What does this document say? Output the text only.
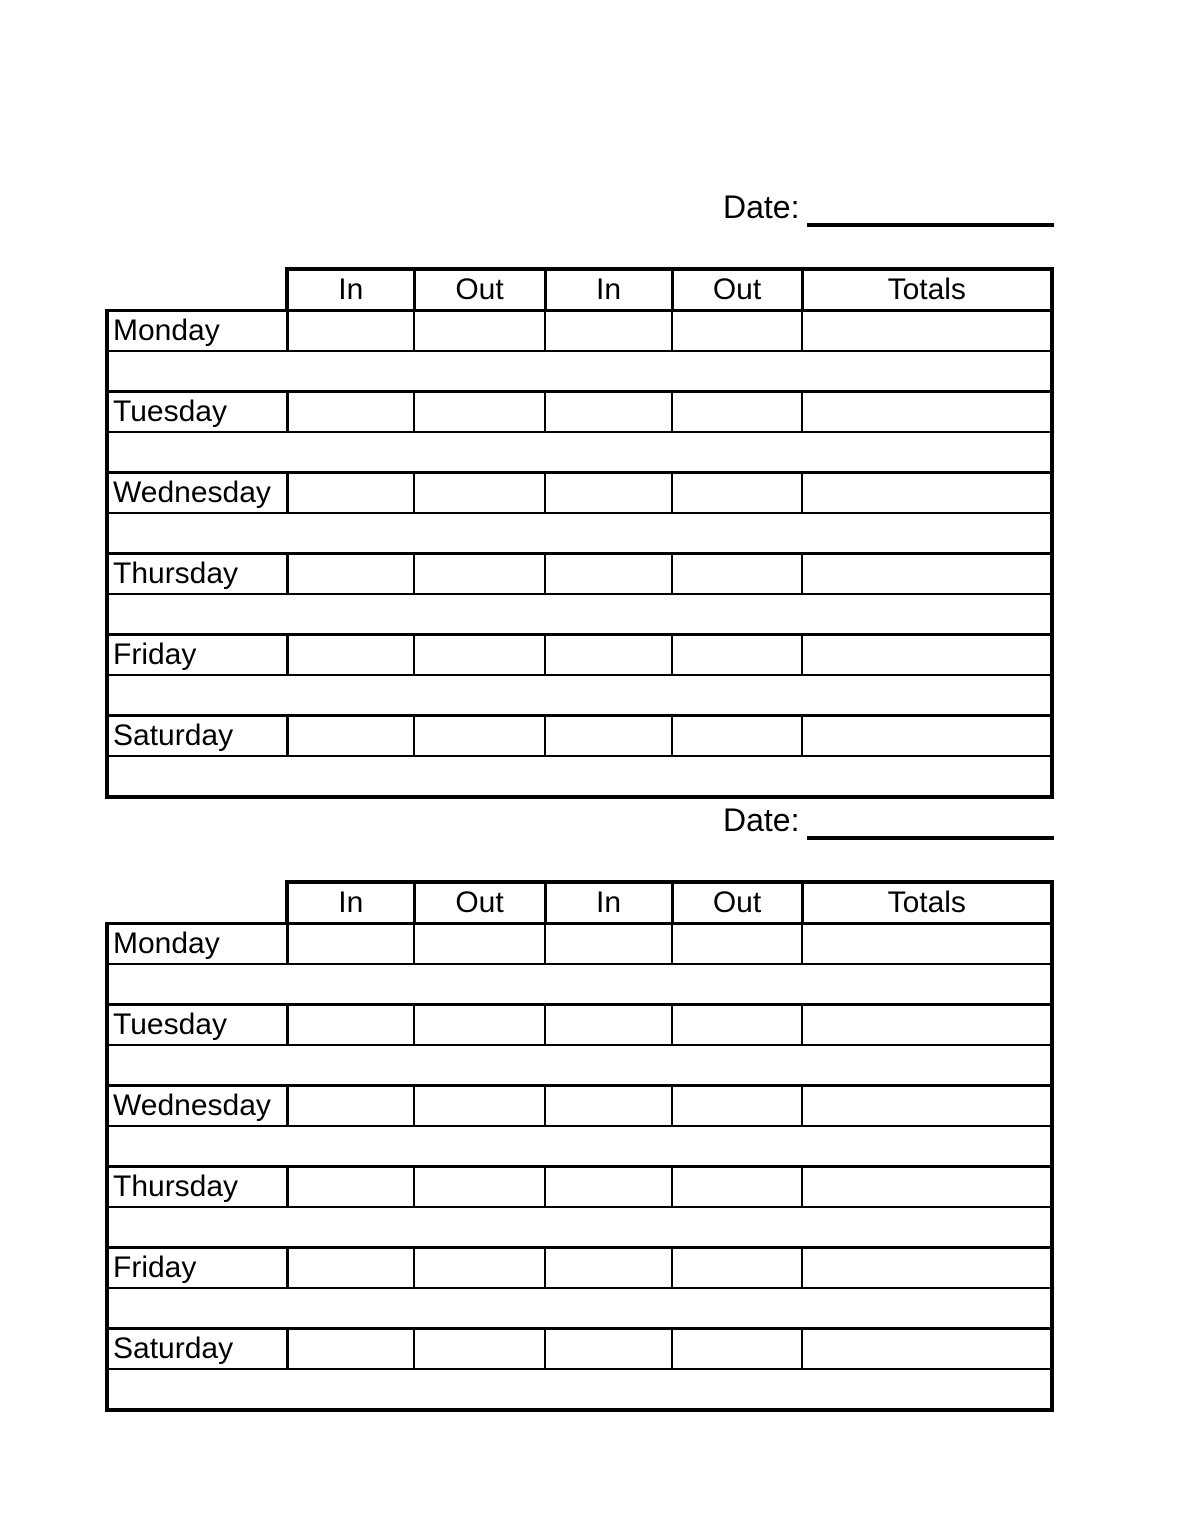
Date:
	In	Out	In	Out	Totals
Monday					

Tuesday					

Wednesday					

Thursday					

Friday					

Saturday					

Date:
	In	Out	In	Out	Totals
Monday					

Tuesday					

Wednesday					

Thursday					

Friday					

Saturday					
